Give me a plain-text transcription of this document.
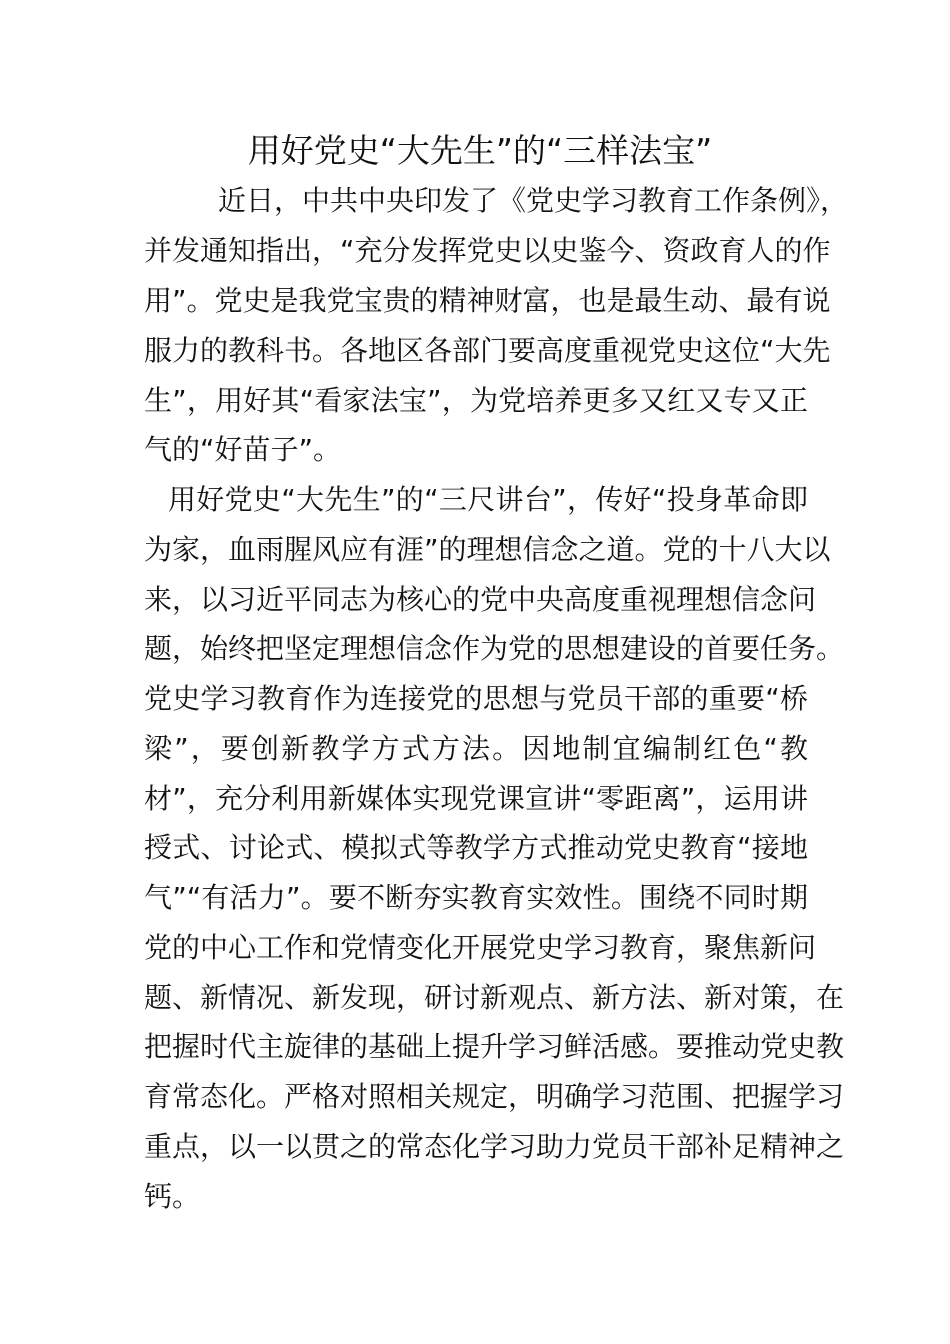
用好党史“大先生”的“三样法宝”
近日，中共中央印发了《党史学习教育工作条例》，
并发通知指出，“充分发挥党史以史鉴今、资政育人的作
用”。党史是我党宝贵的精神财富，也是最生动、最有说
服力的教科书。各地区各部门要高度重视党史这位“大先
生”，用好其“看家法宝”，为党培养更多又红又专又正
气的“好苗子”。
用好党史“大先生”的“三尺讲台”，传好“投身革命即
为家，血雨腥风应有涯”的理想信念之道。党的十八大以
来，以习近平同志为核心的党中央高度重视理想信念问
题，始终把坚定理想信念作为党的思想建设的首要任务。
党史学习教育作为连接党的思想与党员干部的重要“桥
梁”，要创新教学方式方法。因地制宜编制红色“教
材”，充分利用新媒体实现党课宣讲“零距离”，运用讲
授式、讨论式、模拟式等教学方式推动党史教育“接地
气”“有活力”。要不断夯实教育实效性。围绕不同时期
党的中心工作和党情变化开展党史学习教育，聚焦新问
题、新情况、新发现，研讨新观点、新方法、新对策，在
把握时代主旋律的基础上提升学习鲜活感。要推动党史教
育常态化。严格对照相关规定，明确学习范围、把握学习
重点，以一以贯之的常态化学习助力党员干部补足精神之
钙。
